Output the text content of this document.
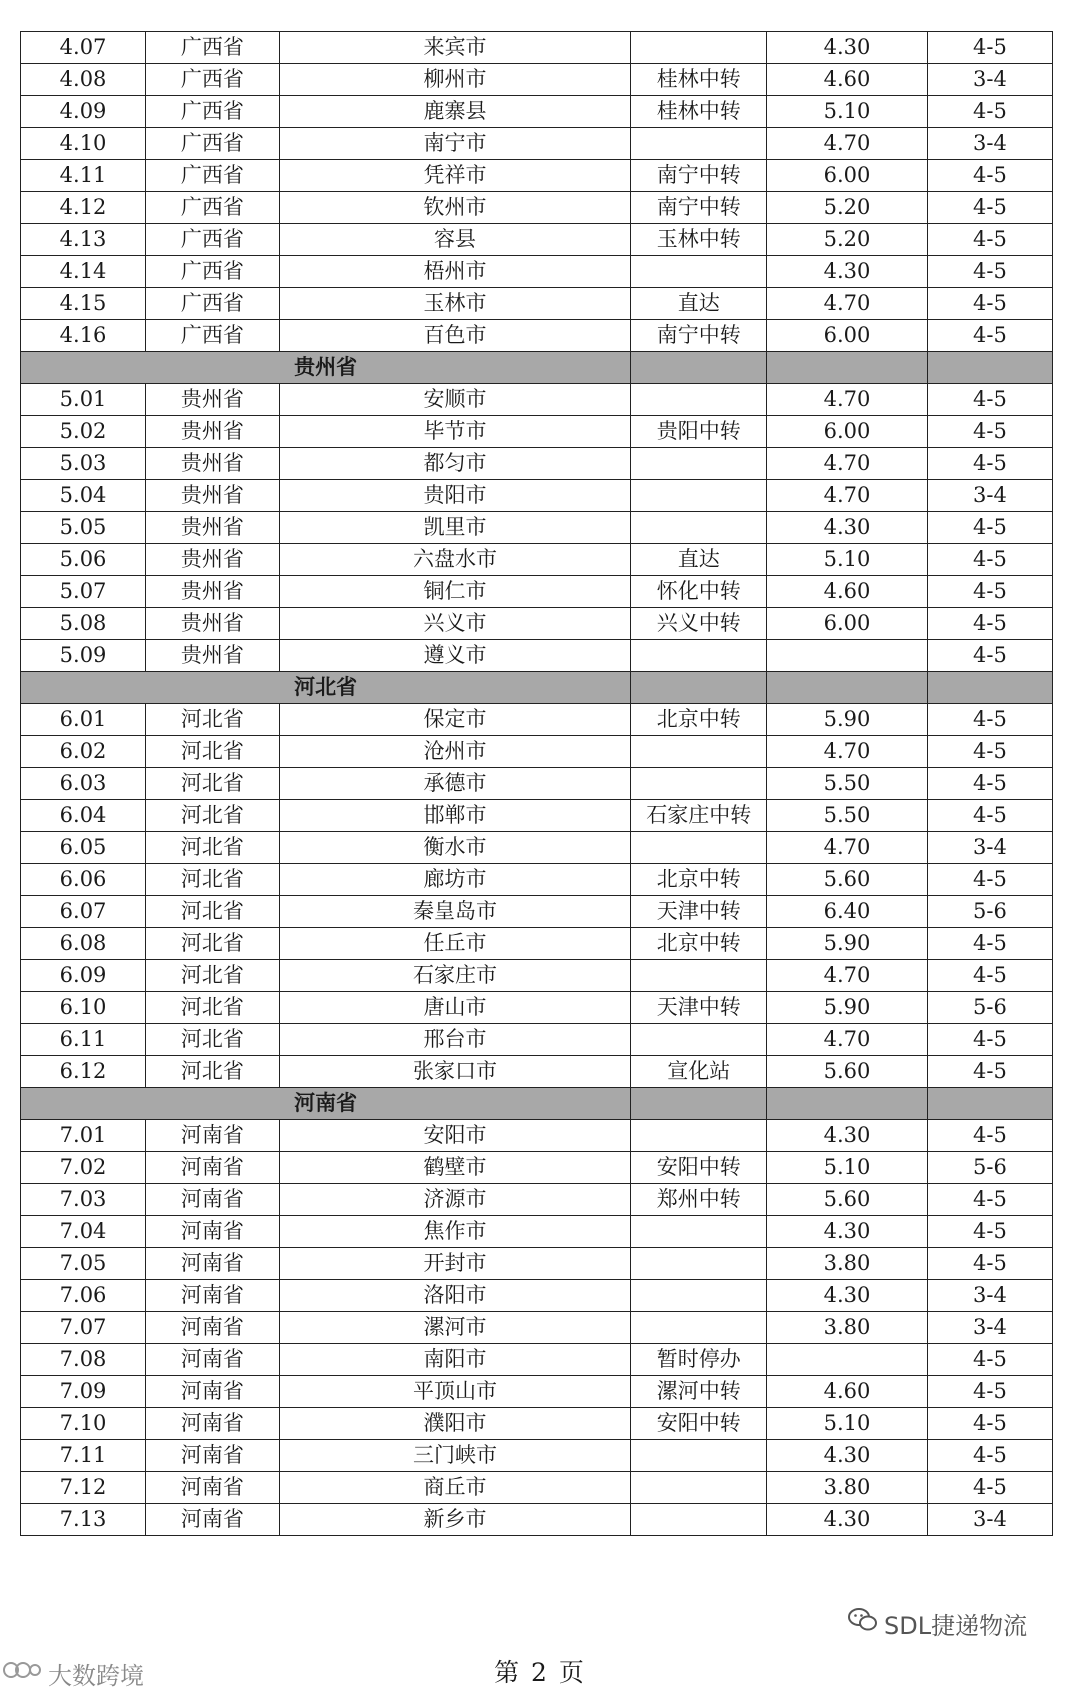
4.07	广西省	来宾市		4.30	4-5
4.08	广西省	柳州市	桂林中转	4.60	3-4
4.09	广西省	鹿寨县	桂林中转	5.10	4-5
4.10	广西省	南宁市		4.70	3-4
4.11	广西省	凭祥市	南宁中转	6.00	4-5
4.12	广西省	钦州市	南宁中转	5.20	4-5
4.13	广西省	容县	玉林中转	5.20	4-5
4.14	广西省	梧州市		4.30	4-5
4.15	广西省	玉林市	直达	4.70	4-5
4.16	广西省	百色市	南宁中转	6.00	4-5
贵州省					
5.01	贵州省	安顺市		4.70	4-5
5.02	贵州省	毕节市	贵阳中转	6.00	4-5
5.03	贵州省	都匀市		4.70	4-5
5.04	贵州省	贵阳市		4.70	3-4
5.05	贵州省	凯里市		4.30	4-5
5.06	贵州省	六盘水市	直达	5.10	4-5
5.07	贵州省	铜仁市	怀化中转	4.60	4-5
5.08	贵州省	兴义市	兴义中转	6.00	4-5
5.09	贵州省	遵义市			4-5
河北省					
6.01	河北省	保定市	北京中转	5.90	4-5
6.02	河北省	沧州市		4.70	4-5
6.03	河北省	承德市		5.50	4-5
6.04	河北省	邯郸市	石家庄中转	5.50	4-5
6.05	河北省	衡水市		4.70	3-4
6.06	河北省	廊坊市	北京中转	5.60	4-5
6.07	河北省	秦皇岛市	天津中转	6.40	5-6
6.08	河北省	任丘市	北京中转	5.90	4-5
6.09	河北省	石家庄市		4.70	4-5
6.10	河北省	唐山市	天津中转	5.90	5-6
6.11	河北省	邢台市		4.70	4-5
6.12	河北省	张家口市	宣化站	5.60	4-5
河南省					
7.01	河南省	安阳市		4.30	4-5
7.02	河南省	鹤壁市	安阳中转	5.10	5-6
7.03	河南省	济源市	郑州中转	5.60	4-5
7.04	河南省	焦作市		4.30	4-5
7.05	河南省	开封市		3.80	4-5
7.06	河南省	洛阳市		4.30	3-4
7.07	河南省	漯河市		3.80	3-4
7.08	河南省	南阳市	暂时停办		4-5
7.09	河南省	平顶山市	漯河中转	4.60	4-5
7.10	河南省	濮阳市	安阳中转	5.10	4-5
7.11	河南省	三门峡市		4.30	4-5
7.12	河南省	商丘市		3.80	4-5
7.13	河南省	新乡市		4.30	3-4
SDL捷递物流
大数跨境	第 2 页
